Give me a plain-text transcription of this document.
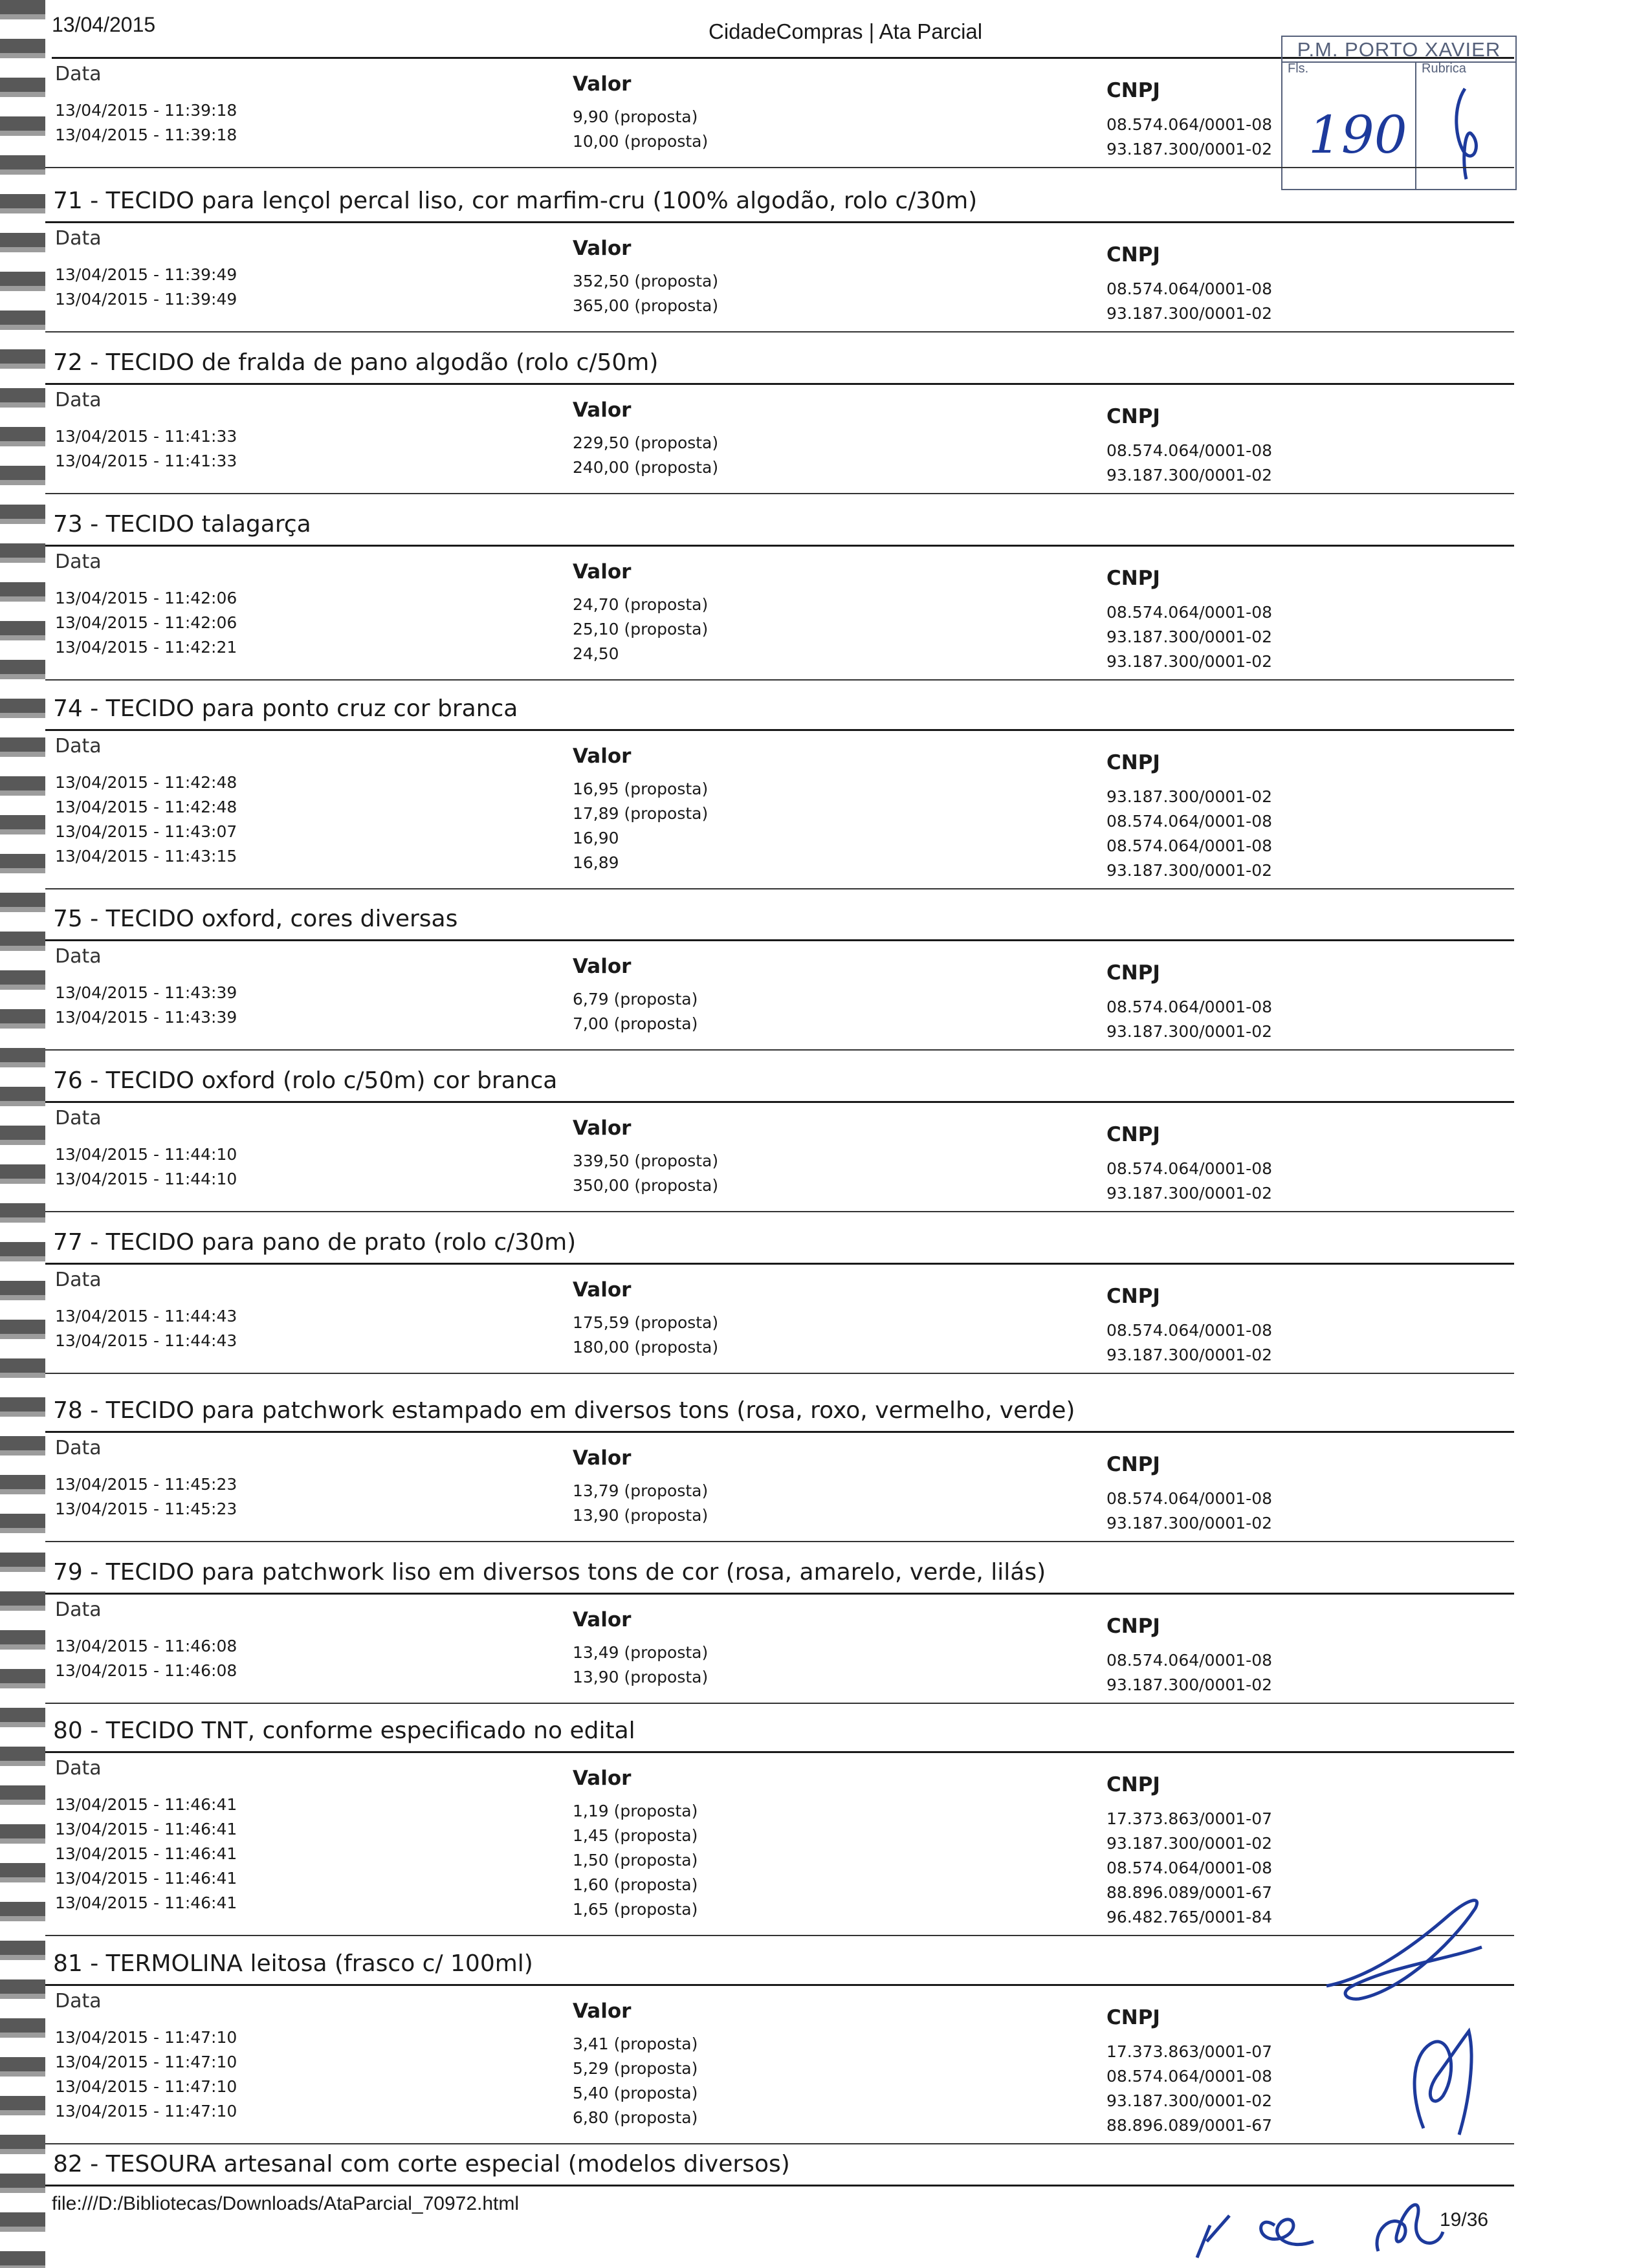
13/04/2015	CidadeCompras | Ata Parcial
P.M. PORTO XAVIER
Fls.	Rubrica
190
Data	Valor	CNPJ
13/04/2015 - 11:39:18	9,90 (proposta)	08.574.064/0001-08
13/04/2015 - 11:39:18	10,00 (proposta)	93.187.300/0001-02
71 - TECIDO para lençol percal liso, cor marfim-cru (100% algodão, rolo c/30m)
Data	Valor	CNPJ
13/04/2015 - 11:39:49	352,50 (proposta)	08.574.064/0001-08
13/04/2015 - 11:39:49	365,00 (proposta)	93.187.300/0001-02
72 - TECIDO de fralda de pano algodão (rolo c/50m)
Data	Valor	CNPJ
13/04/2015 - 11:41:33	229,50 (proposta)	08.574.064/0001-08
13/04/2015 - 11:41:33	240,00 (proposta)	93.187.300/0001-02
73 - TECIDO talagarça
Data	Valor	CNPJ
13/04/2015 - 11:42:06	24,70 (proposta)	08.574.064/0001-08
13/04/2015 - 11:42:06	25,10 (proposta)	93.187.300/0001-02
13/04/2015 - 11:42:21	24,50	93.187.300/0001-02
74 - TECIDO para ponto cruz cor branca
Data	Valor	CNPJ
13/04/2015 - 11:42:48	16,95 (proposta)	93.187.300/0001-02
13/04/2015 - 11:42:48	17,89 (proposta)	08.574.064/0001-08
13/04/2015 - 11:43:07	16,90	08.574.064/0001-08
13/04/2015 - 11:43:15	16,89	93.187.300/0001-02
75 - TECIDO oxford, cores diversas
Data	Valor	CNPJ
13/04/2015 - 11:43:39	6,79 (proposta)	08.574.064/0001-08
13/04/2015 - 11:43:39	7,00 (proposta)	93.187.300/0001-02
76 - TECIDO oxford (rolo c/50m) cor branca
Data	Valor	CNPJ
13/04/2015 - 11:44:10	339,50 (proposta)	08.574.064/0001-08
13/04/2015 - 11:44:10	350,00 (proposta)	93.187.300/0001-02
77 - TECIDO para pano de prato (rolo c/30m)
Data	Valor	CNPJ
13/04/2015 - 11:44:43	175,59 (proposta)	08.574.064/0001-08
13/04/2015 - 11:44:43	180,00 (proposta)	93.187.300/0001-02
78 - TECIDO para patchwork estampado em diversos tons (rosa, roxo, vermelho, verde)
Data	Valor	CNPJ
13/04/2015 - 11:45:23	13,79 (proposta)	08.574.064/0001-08
13/04/2015 - 11:45:23	13,90 (proposta)	93.187.300/0001-02
79 - TECIDO para patchwork liso em diversos tons de cor (rosa, amarelo, verde, lilás)
Data	Valor	CNPJ
13/04/2015 - 11:46:08	13,49 (proposta)	08.574.064/0001-08
13/04/2015 - 11:46:08	13,90 (proposta)	93.187.300/0001-02
80 - TECIDO TNT, conforme especificado no edital
Data	Valor	CNPJ
13/04/2015 - 11:46:41	1,19 (proposta)	17.373.863/0001-07
13/04/2015 - 11:46:41	1,45 (proposta)	93.187.300/0001-02
13/04/2015 - 11:46:41	1,50 (proposta)	08.574.064/0001-08
13/04/2015 - 11:46:41	1,60 (proposta)	88.896.089/0001-67
13/04/2015 - 11:46:41	1,65 (proposta)	96.482.765/0001-84
81 - TERMOLINA leitosa (frasco c/ 100ml)
Data	Valor	CNPJ
13/04/2015 - 11:47:10	3,41 (proposta)	17.373.863/0001-07
13/04/2015 - 11:47:10	5,29 (proposta)	08.574.064/0001-08
13/04/2015 - 11:47:10	5,40 (proposta)	93.187.300/0001-02
13/04/2015 - 11:47:10	6,80 (proposta)	88.896.089/0001-67
82 - TESOURA artesanal com corte especial (modelos diversos)
file:///D:/Bibliotecas/Downloads/AtaParcial_70972.html
19/36
